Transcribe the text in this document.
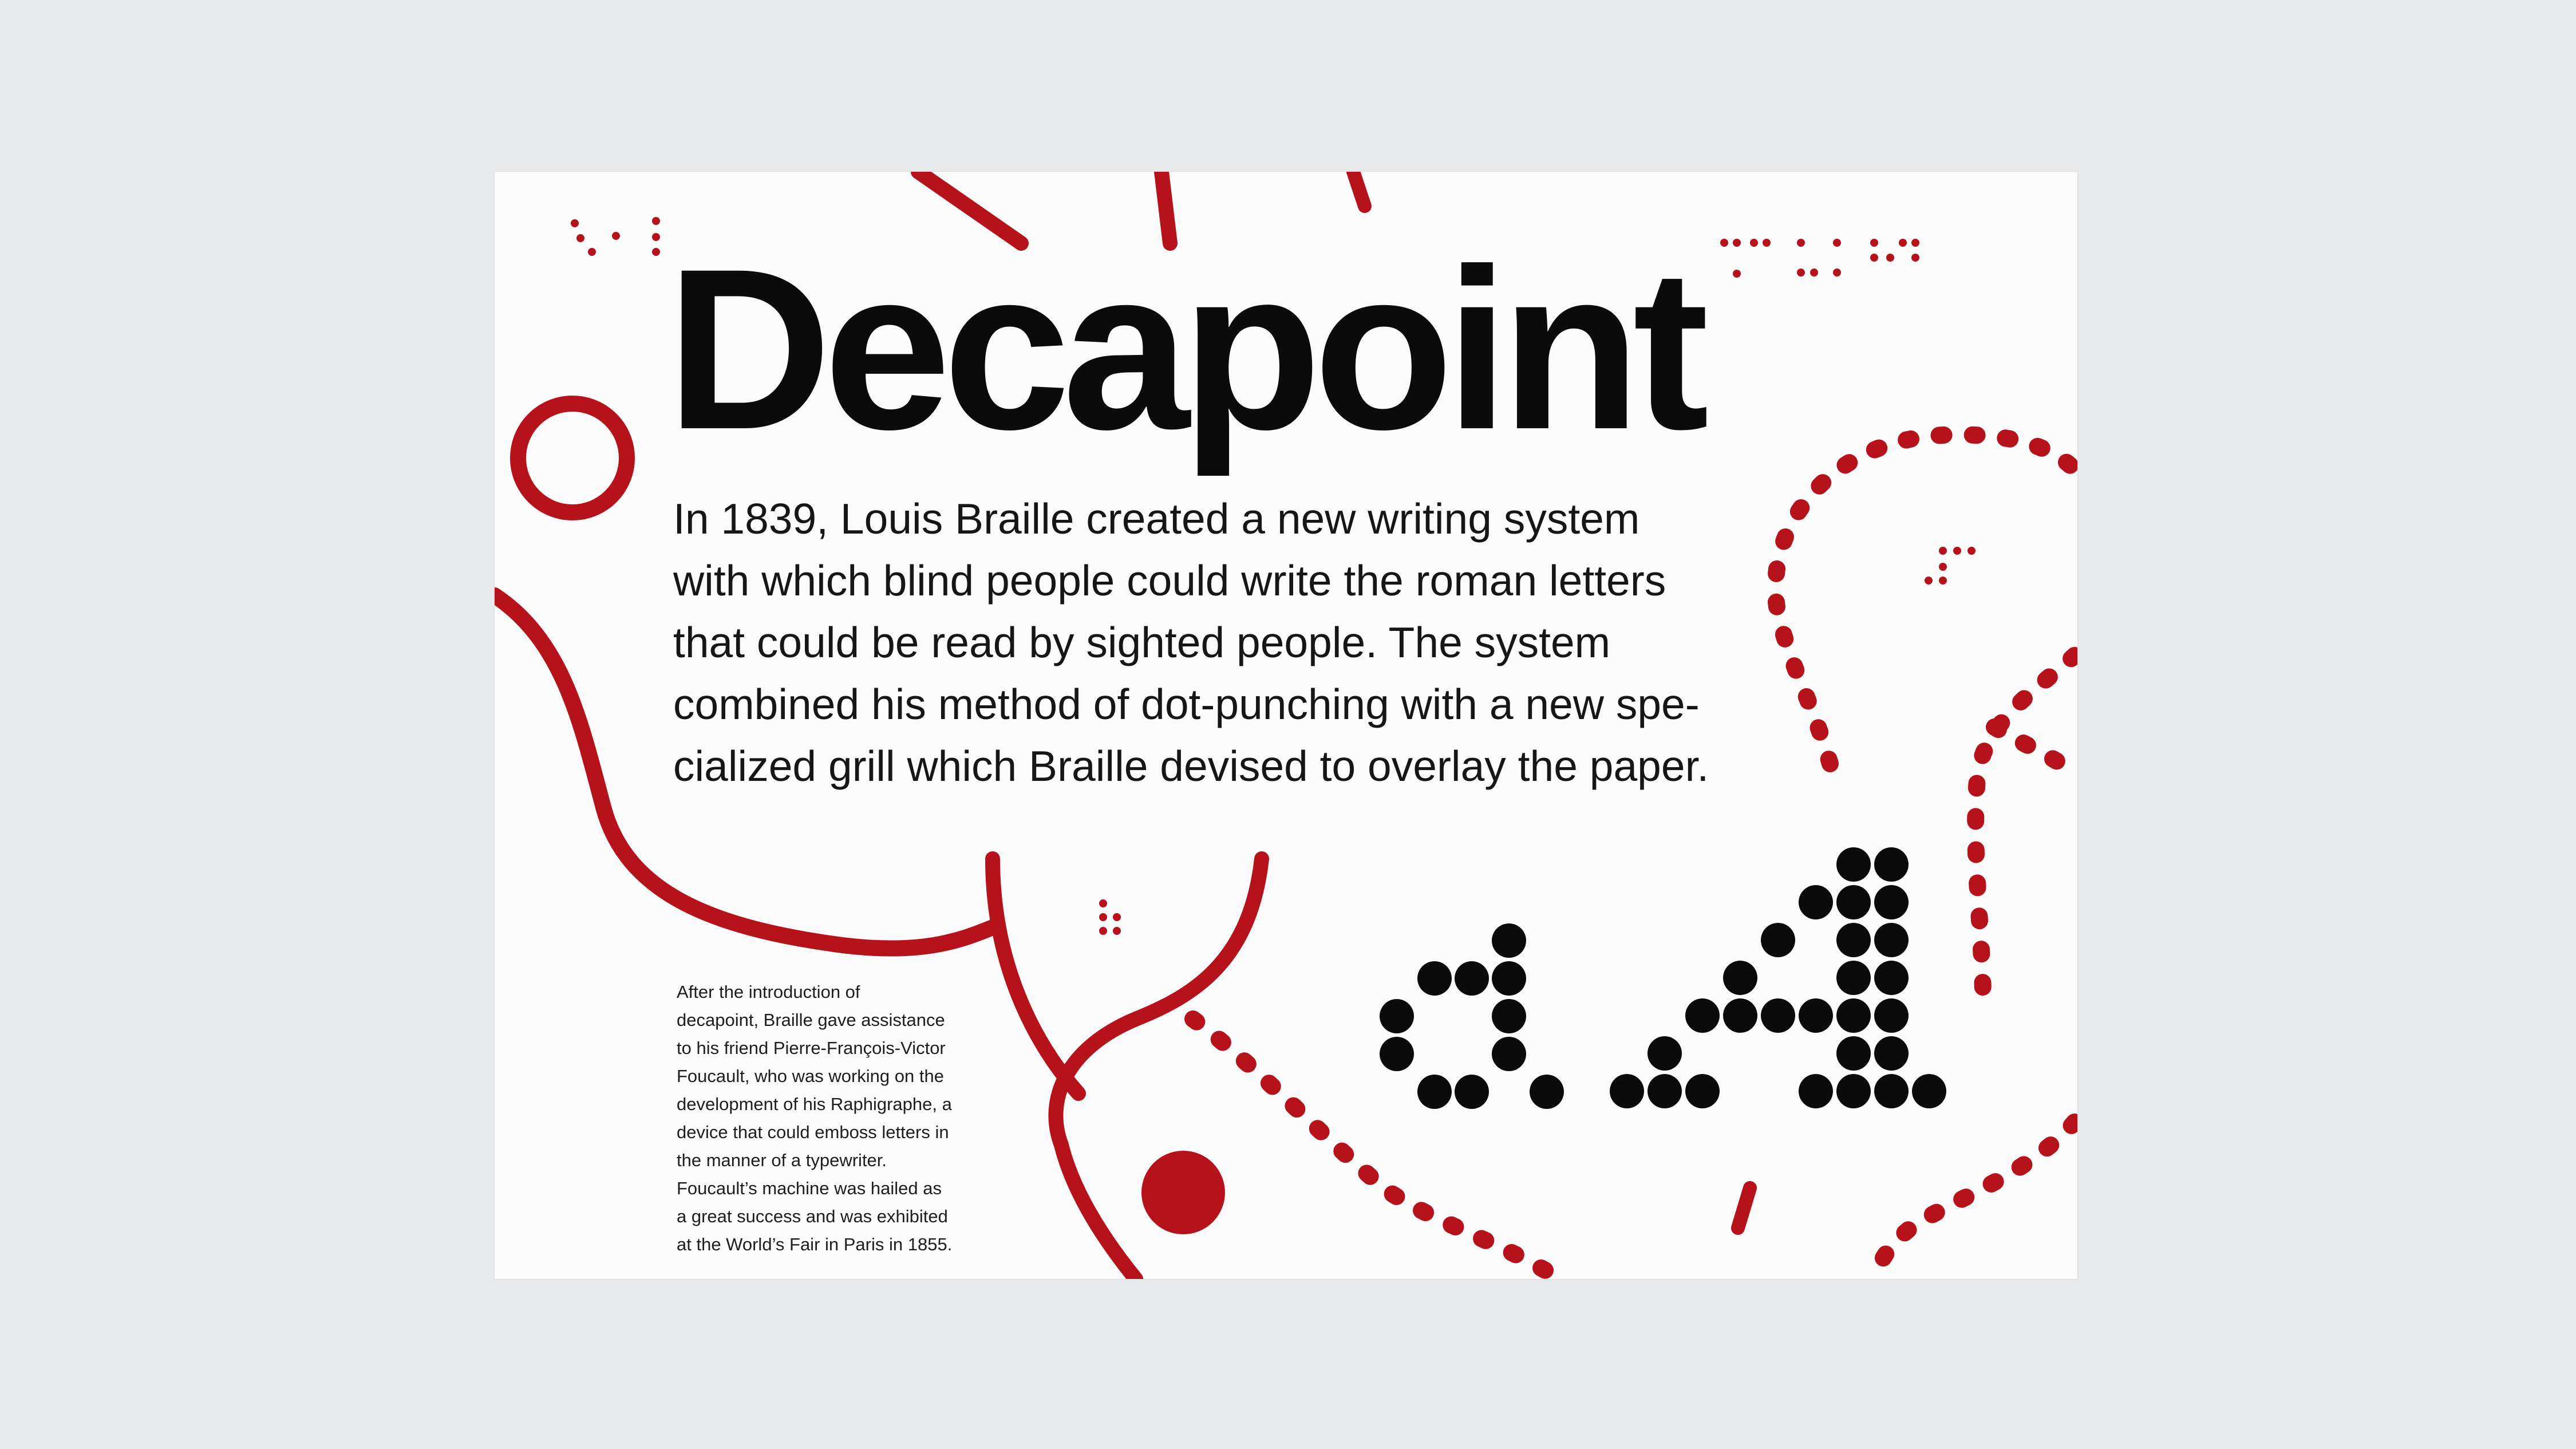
Decapoint

In 1839, Louis Braille created a new writing system
with which blind people could write the roman letters
that could be read by sighted people. The system
combined his method of dot-punching with a new spe-
cialized grill which Braille devised to overlay the paper.

After the introduction of
decapoint, Braille gave assistance
to his friend Pierre-François-Victor
Foucault, who was working on the
development of his Raphigraphe, a
device that could emboss letters in
the manner of a typewriter.
Foucault’s machine was hailed as
a great success and was exhibited
at the World’s Fair in Paris in 1855.
